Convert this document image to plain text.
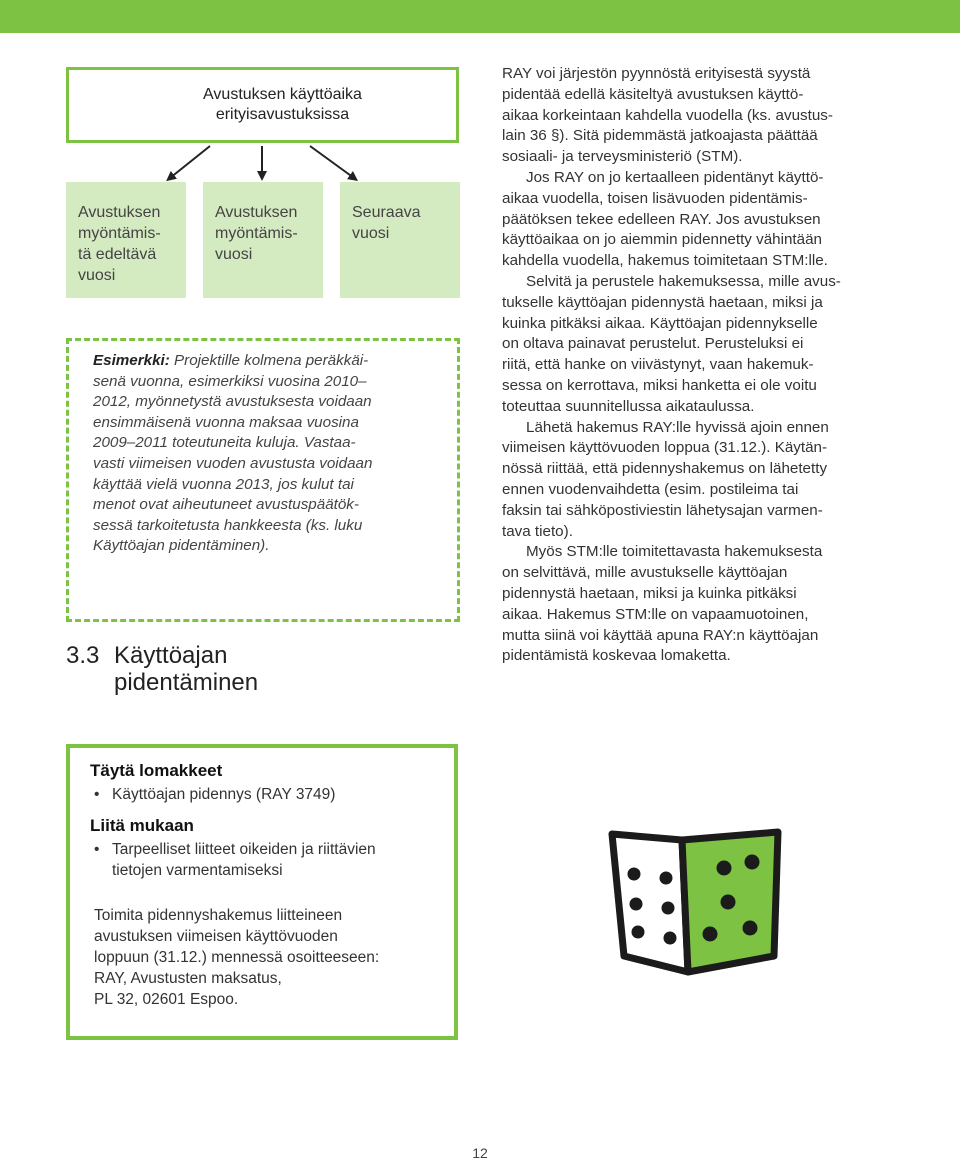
Avustuksen käyttöaika
erityisavustuksissa
Avustuksen
myöntämis-
tä edeltävä
vuosi
Avustuksen
myöntämis-
vuosi
Seuraava
vuosi
Esimerkki: Projektille kolmena peräkkäi-
senä vuonna, esimerkiksi vuosina 2010–
2012, myönnetystä avustuksesta voidaan
ensimmäisenä vuonna maksaa vuosina
2009–2011 toteutuneita kuluja. Vastaa-
vasti viimeisen vuoden avustusta voidaan
käyttää vielä vuonna 2013, jos kulut tai
menot ovat aiheutuneet avustuspäätök-
sessä tarkoitetusta hankkeesta (ks. luku
Käyttöajan pidentäminen).
3.3 Käyttöajan
pidentäminen

RAY voi järjestön pyynnöstä erityisestä syystä
pidentää edellä käsiteltyä avustuksen käyttö-
aikaa korkeintaan kahdella vuodella (ks. avustus-
lain 36 §). Sitä pidemmästä jatkoajasta päättää
sosiaali- ja terveysministeriö (STM).

Jos RAY on jo kertaalleen pidentänyt käyttö-
aikaa vuodella, toisen lisävuoden pidentämis-
päätöksen tekee edelleen RAY. Jos avustuksen
käyttöaikaa on jo aiemmin pidennetty vähintään
kahdella vuodella, hakemus toimitetaan STM:lle.

Selvitä ja perustele hakemuksessa, mille avus-
tukselle käyttöajan pidennystä haetaan, miksi ja
kuinka pitkäksi aikaa. Käyttöajan pidennykselle
on oltava painavat perustelut. Perusteluksi ei
riitä, että hanke on viivästynyt, vaan hakemuk-
sessa on kerrottava, miksi hanketta ei ole voitu
toteuttaa suunnitellussa aikataulussa.

Lähetä hakemus RAY:lle hyvissä ajoin ennen
viimeisen käyttövuoden loppua (31.12.). Käytän-
nössä riittää, että pidennyshakemus on lähetetty
ennen vuodenvaihdetta (esim. postileima tai
faksin tai sähköpostiviestin lähetysajan varmen-
tava tieto).

Myös STM:lle toimitettavasta hakemuksesta
on selvittävä, mille avustukselle käyttöajan
pidennystä haetaan, miksi ja kuinka pitkäksi
aikaa. Hakemus STM:lle on vapaamuotoinen,
mutta siinä voi käyttää apuna RAY:n käyttöajan
pidentämistä koskevaa lomaketta.

Täytä lomakkeet
• Käyttöajan pidennys (RAY 3749)
Liitä mukaan
• Tarpeelliset liitteet oikeiden ja riittävien
tietojen varmentamiseksi
Toimita pidennyshakemus liitteineen
avustuksen viimeisen käyttövuoden
loppuun (31.12.) mennessä osoitteeseen:
RAY, Avustusten maksatus,
PL 32, 02601 Espoo.
12
